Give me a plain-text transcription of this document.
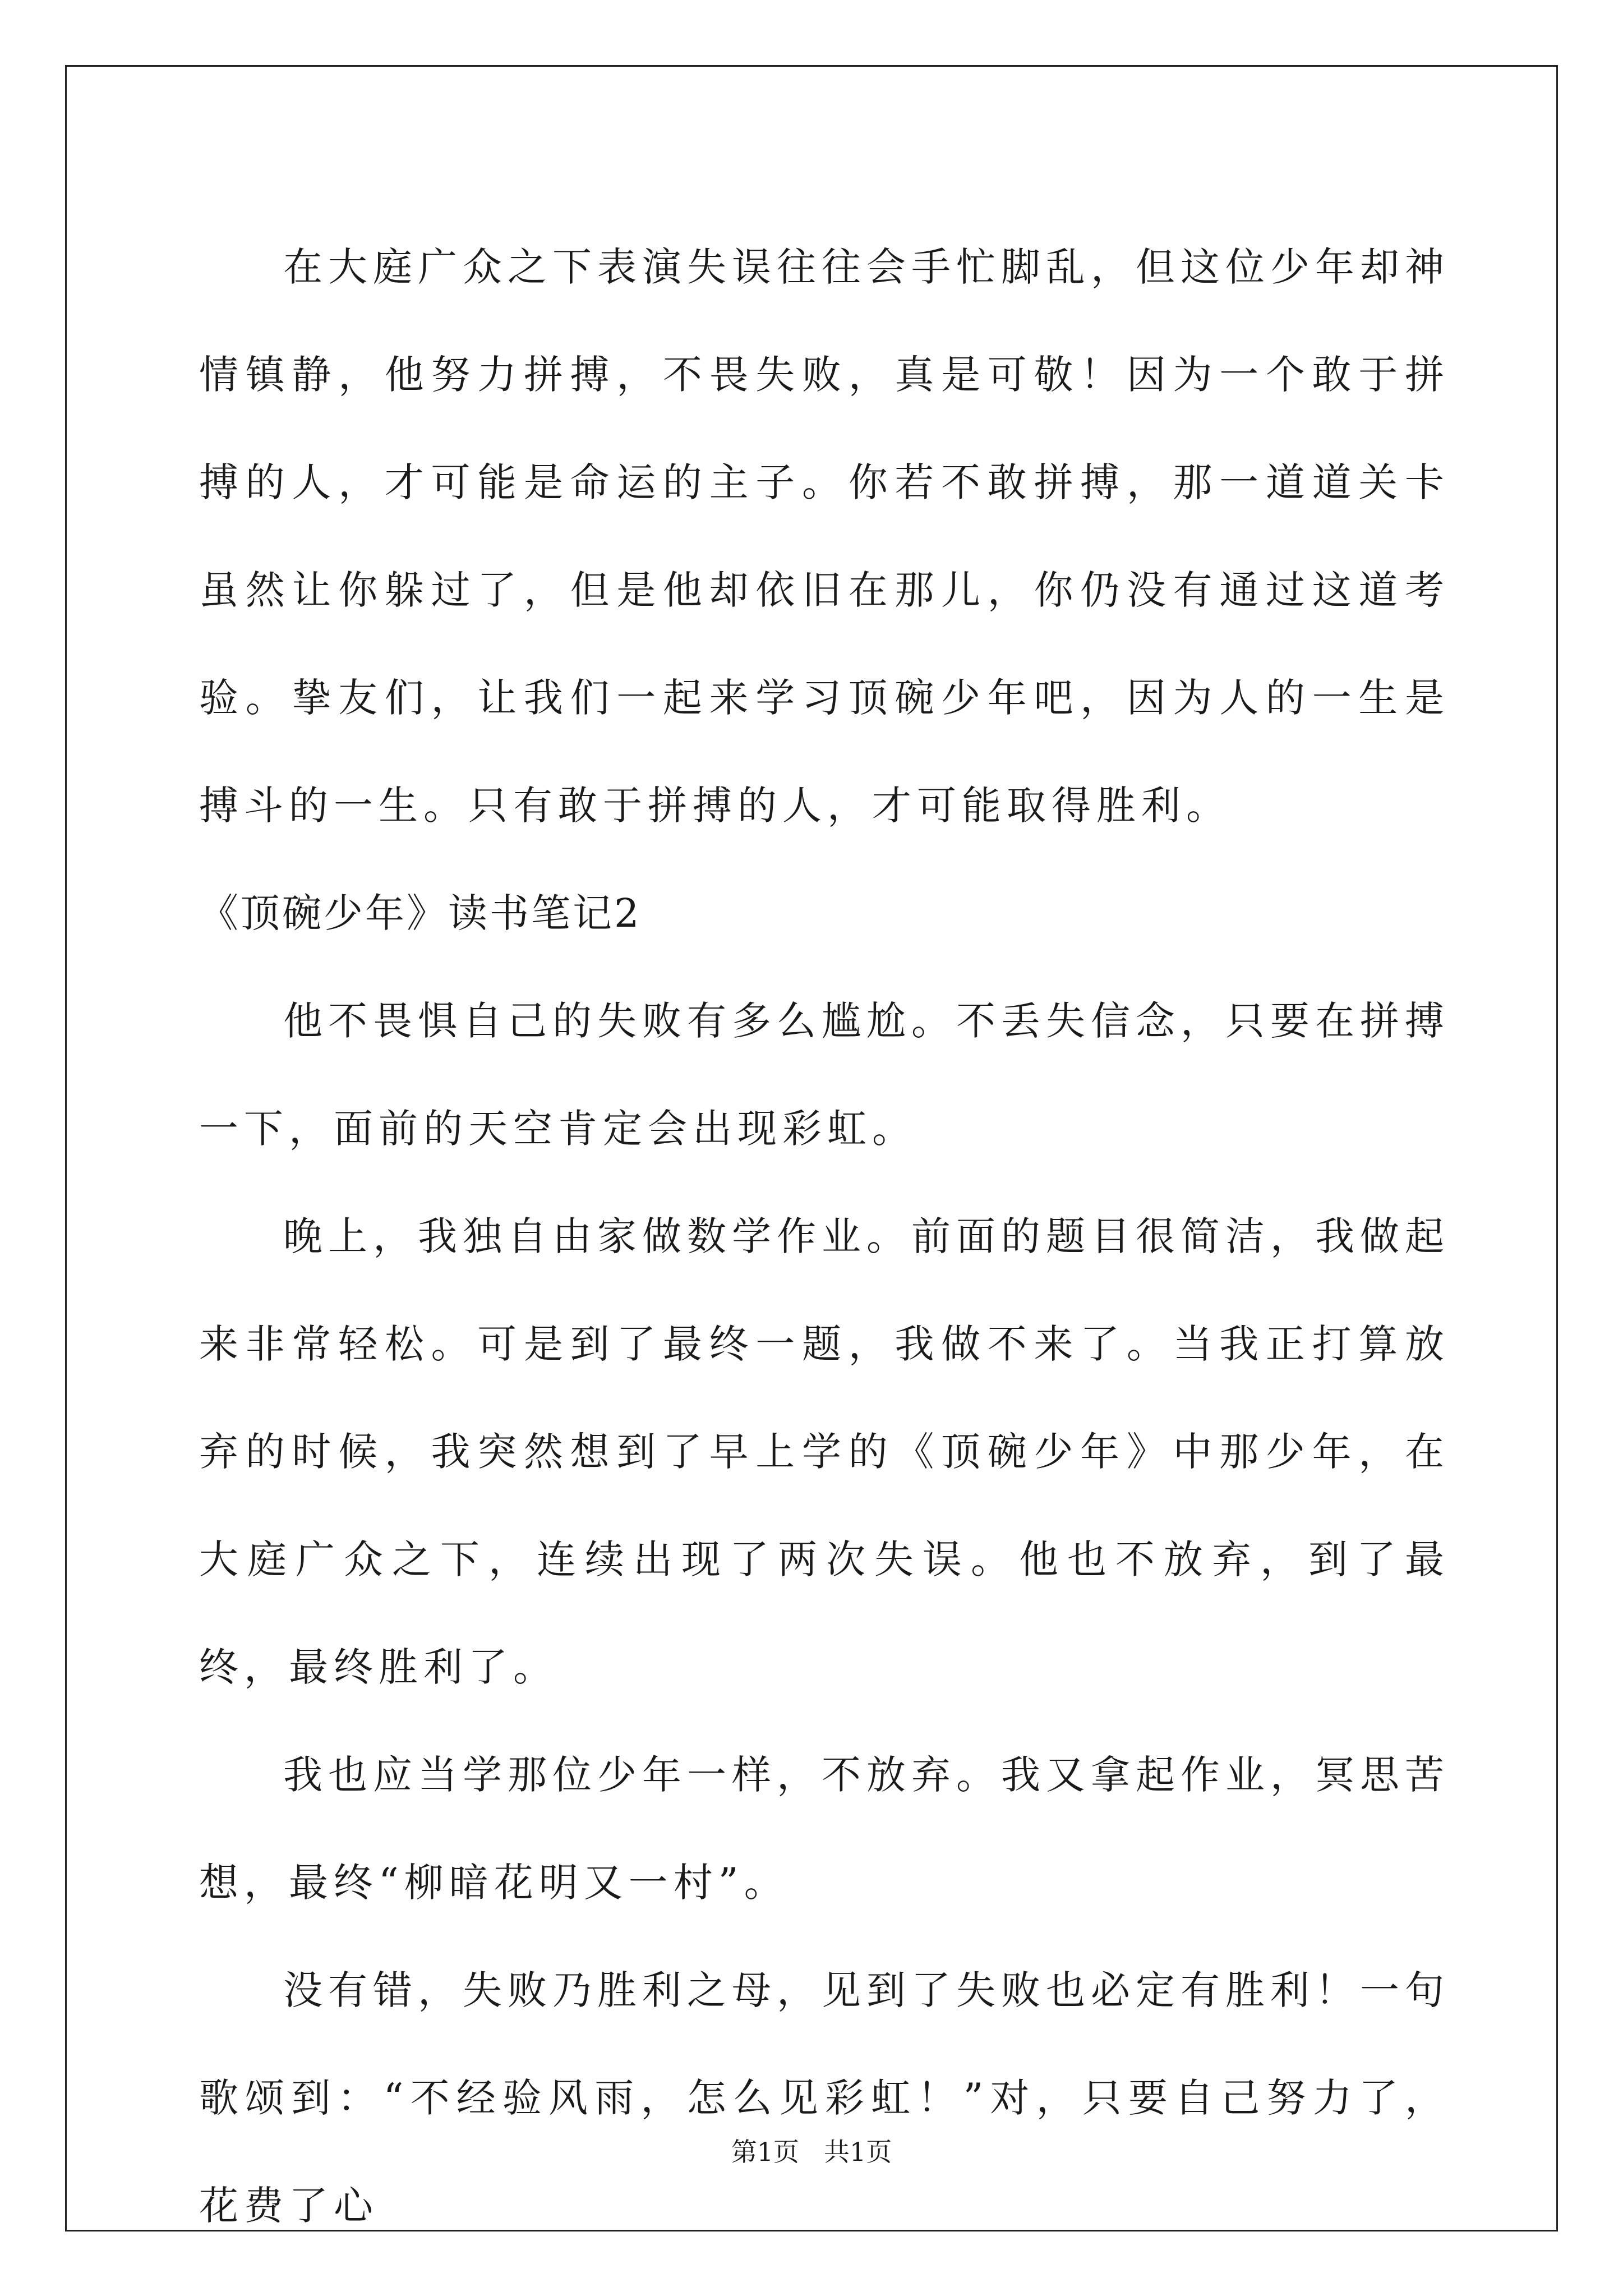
在大庭广众之下表演失误往往会手忙脚乱，但这位少年却神情镇静，他努力拼搏，不畏失败，真是可敬！因为一个敢于拼搏的人，才可能是命运的主子。你若不敢拼搏，那一道道关卡虽然让你躲过了，但是他却依旧在那儿，你仍没有通过这道考验。挚友们，让我们一起来学习顶碗少年吧，因为人的一生是搏斗的一生。只有敢于拼搏的人，才可能取得胜利。

《顶碗少年》读书笔记2

他不畏惧自己的失败有多么尴尬。不丢失信念，只要在拼搏一下，面前的天空肯定会出现彩虹。

晚上，我独自由家做数学作业。前面的题目很简洁，我做起来非常轻松。可是到了最终一题，我做不来了。当我正打算放弃的时候，我突然想到了早上学的《顶碗少年》中那少年，在大庭广众之下，连续出现了两次失误。他也不放弃，到了最终，最终胜利了。

我也应当学那位少年一样，不放弃。我又拿起作业，冥思苦想，最终“柳暗花明又一村”。

没有错，失败乃胜利之母，见到了失败也必定有胜利！一句歌颂到：“不经验风雨，怎么见彩虹！”对，只要自己努力了，花费了心

第1页 共1页
